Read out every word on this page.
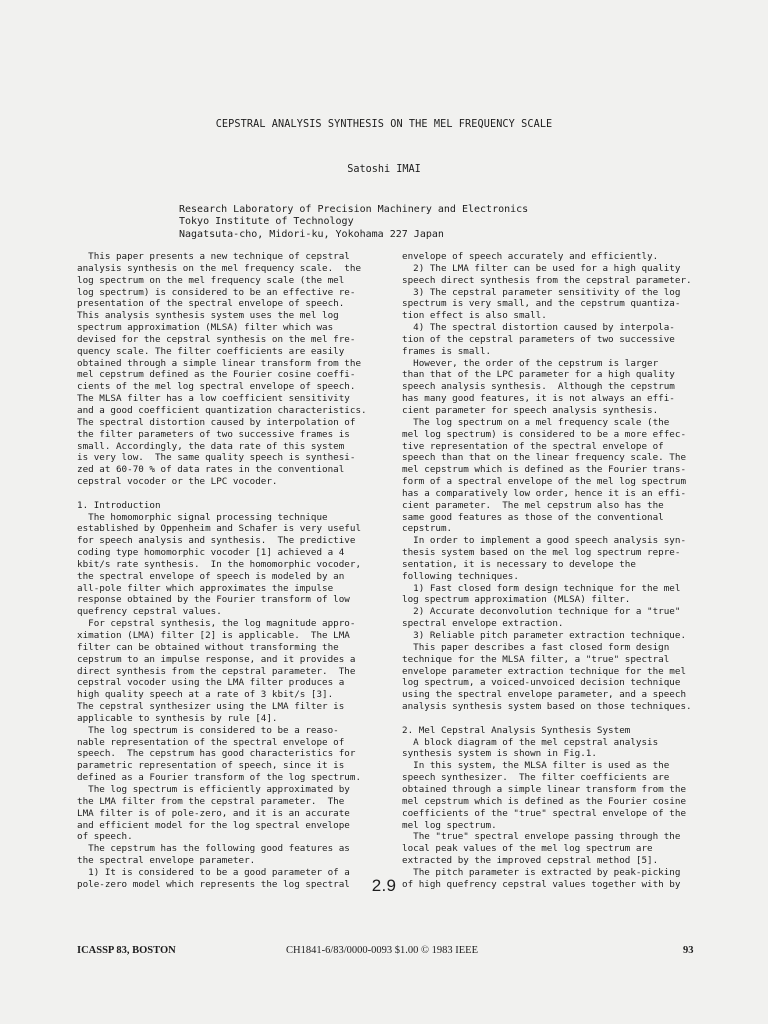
CEPSTRAL ANALYSIS SYNTHESIS ON THE MEL FREQUENCY SCALE
Satoshi IMAI
Research Laboratory of Precision Machinery and Electronics
Tokyo Institute of Technology
Nagatsuta-cho, Midori-ku, Yokohama 227 Japan
This paper presents a new technique of cepstral
analysis synthesis on the mel frequency scale.  the
log spectrum on the mel frequency scale (the mel
log spectrum) is considered to be an effective re-
presentation of the spectral envelope of speech.
This analysis synthesis system uses the mel log
spectrum approximation (MLSA) filter which was
devised for the cepstral synthesis on the mel fre-
quency scale. The filter coefficients are easily
obtained through a simple linear transform from the
mel cepstrum defined as the Fourier cosine coeffi-
cients of the mel log spectral envelope of speech.
The MLSA filter has a low coefficient sensitivity
and a good coefficient quantization characteristics.
The spectral distortion caused by interpolation of
the filter parameters of two successive frames is
small. Accordingly, the data rate of this system
is very low.  The same quality speech is synthesi-
zed at 60-70 % of data rates in the conventional
cepstral vocoder or the LPC vocoder.
1. Introduction
The homomorphic signal processing technique
established by Oppenheim and Schafer is very useful
for speech analysis and synthesis.  The predictive
coding type homomorphic vocoder [1] achieved a 4
kbit/s rate synthesis.  In the homomorphic vocoder,
the spectral envelope of speech is modeled by an
all-pole filter which approximates the impulse
response obtained by the Fourier transform of low
quefrency cepstral values.
For cepstral synthesis, the log magnitude appro-
ximation (LMA) filter [2] is applicable.  The LMA
filter can be obtained without transforming the
cepstrum to an impulse response, and it provides a
direct synthesis from the cepstral parameter.  The
cepstral vocoder using the LMA filter produces a
high quality speech at a rate of 3 kbit/s [3].
The cepstral synthesizer using the LMA filter is
applicable to synthesis by rule [4].
The log spectrum is considered to be a reaso-
nable representation of the spectral envelope of
speech.  The cepstrum has good characteristics for
parametric representation of speech, since it is
defined as a Fourier transform of the log spectrum.
The log spectrum is efficiently approximated by
the LMA filter from the cepstral parameter.  The
LMA filter is of pole-zero, and it is an accurate
and efficient model for the log spectral envelope
of speech.
The cepstrum has the following good features as
the spectral envelope parameter.
1) It is considered to be a good parameter of a
pole-zero model which represents the log spectral
envelope of speech accurately and efficiently.
2) The LMA filter can be used for a high quality
speech direct synthesis from the cepstral parameter.
3) The cepstral parameter sensitivity of the log
spectrum is very small, and the cepstrum quantiza-
tion effect is also small.
4) The spectral distortion caused by interpola-
tion of the cepstral parameters of two successive
frames is small.
However, the order of the cepstrum is larger
than that of the LPC parameter for a high quality
speech analysis synthesis.  Although the cepstrum
has many good features, it is not always an effi-
cient parameter for speech analysis synthesis.
The log spectrum on a mel frequency scale (the
mel log spectrum) is considered to be a more effec-
tive representation of the spectral envelope of
speech than that on the linear frequency scale. The
mel cepstrum which is defined as the Fourier trans-
form of a spectral envelope of the mel log spectrum
has a comparatively low order, hence it is an effi-
cient parameter.  The mel cepstrum also has the
same good features as those of the conventional
cepstrum.
In order to implement a good speech analysis syn-
thesis system based on the mel log spectrum repre-
sentation, it is necessary to develope the
following techniques.
1) Fast closed form design technique for the mel
log spectrum approximation (MLSA) filter.
2) Accurate deconvolution technique for a "true"
spectral envelope extraction.
3) Reliable pitch parameter extraction technique.
This paper describes a fast closed form design
technique for the MLSA filter, a "true" spectral
envelope parameter extraction technique for the mel
log spectrum, a voiced-unvoiced decision technique
using the spectral envelope parameter, and a speech
analysis synthesis system based on those techniques.
2. Mel Cepstral Analysis Synthesis System
A block diagram of the mel cepstral analysis
synthesis system is shown in Fig.1.
In this system, the MLSA filter is used as the
speech synthesizer.  The filter coefficients are
obtained through a simple linear transform from the
mel cepstrum which is defined as the Fourier cosine
coefficients of the "true" spectral envelope of the
mel log spectrum.
The "true" spectral envelope passing through the
local peak values of the mel log spectrum are
extracted by the improved cepstral method [5].
The pitch parameter is extracted by peak-picking
of high quefrency cepstral values together with by
2.9
ICASSP 83, BOSTON	CH1841-6/83/0000-0093 $1.00 © 1983 IEEE	93
